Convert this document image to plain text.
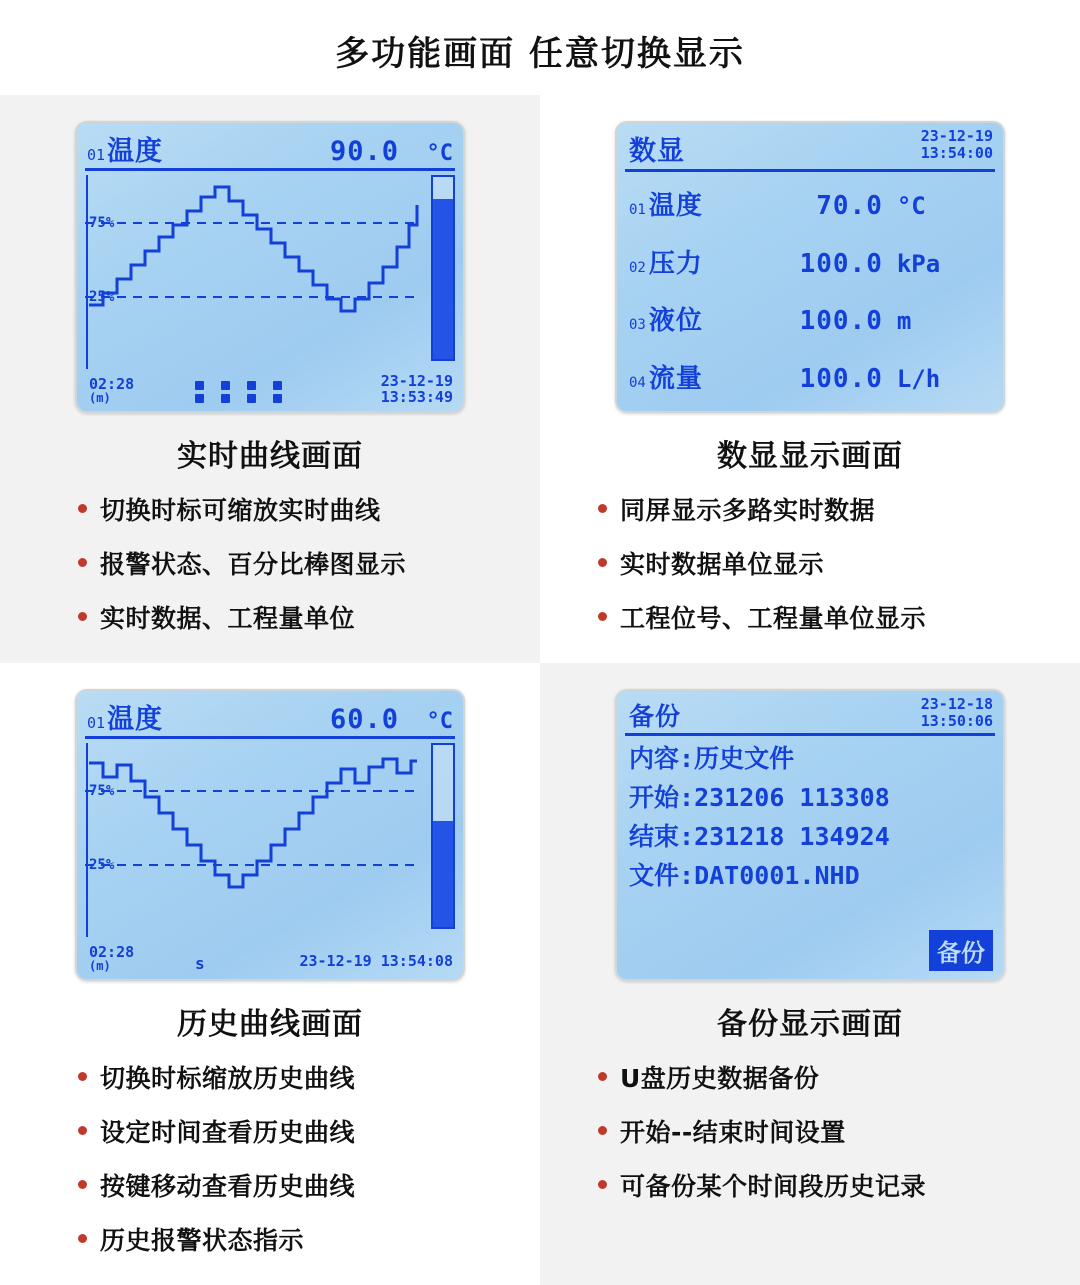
多功能画面 任意切换显示
01 温度	90.0	°C
75%
25%
02:28
(m)
23-12-19
13:53:49
实时曲线画面
切换时标可缩放实时曲线
报警状态、百分比棒图显示
实时数据、工程量单位
数显	23-12-19
13:54:00
01 温度	70.0 °C
02 压力	100.0 kPa
03 液位	100.0 m
04 流量	100.0 L/h
数显显示画面
同屏显示多路实时数据
实时数据单位显示
工程位号、工程量单位显示
01 温度	60.0	°C
75%
25%
02:28
(m)	s	23-12-19 13:54:08
历史曲线画面
切换时标缩放历史曲线
设定时间查看历史曲线
按键移动查看历史曲线
历史报警状态指示
备份	23-12-18
13:50:06
内容 : 历史文件
开始 : 231206 113308
结束 : 231218 134924
文件 : DAT0001.NHD
备份
备份显示画面
U盘历史数据备份
开始--结束时间设置
可备份某个时间段历史记录
